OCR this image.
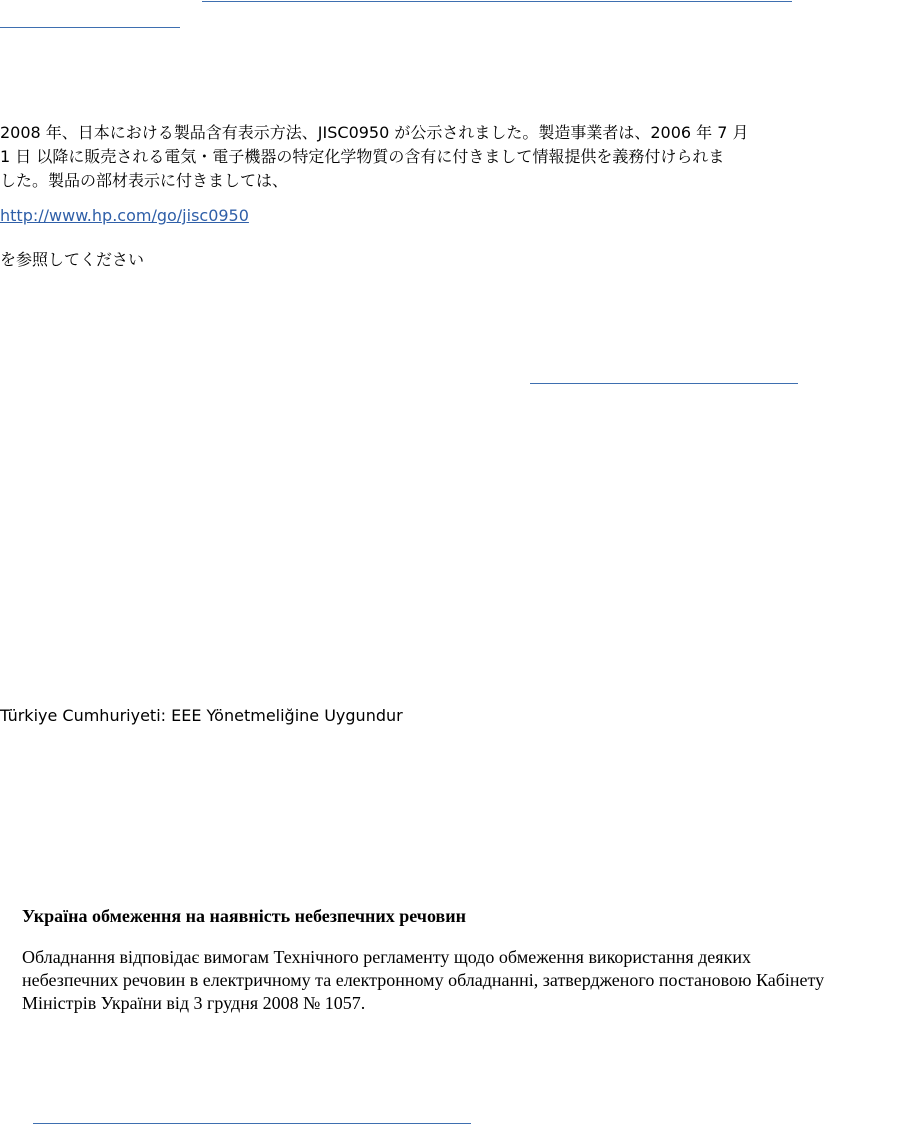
2008 年、日本における製品含有表示方法、JISC0950 が公示されました。製造事業者は、2006 年 7 月
1 日 以降に販売される電気・電子機器の特定化学物質の含有に付きまして情報提供を義務付けられま
した。製品の部材表示に付きましては、
http://www.hp.com/go/jisc0950
を参照してください
Türkiye Cumhuriyeti: EEE Yönetmeliğine Uygundur
Україна обмеження на наявність небезпечних речовин
Обладнання відповідає вимогам Технічного регламенту щодо обмеження використання деяких
небезпечних речовин в електричному та електронному обладнанні, затвердженого постановою Кабінету
Міністрів України від 3 грудня 2008 № 1057.
